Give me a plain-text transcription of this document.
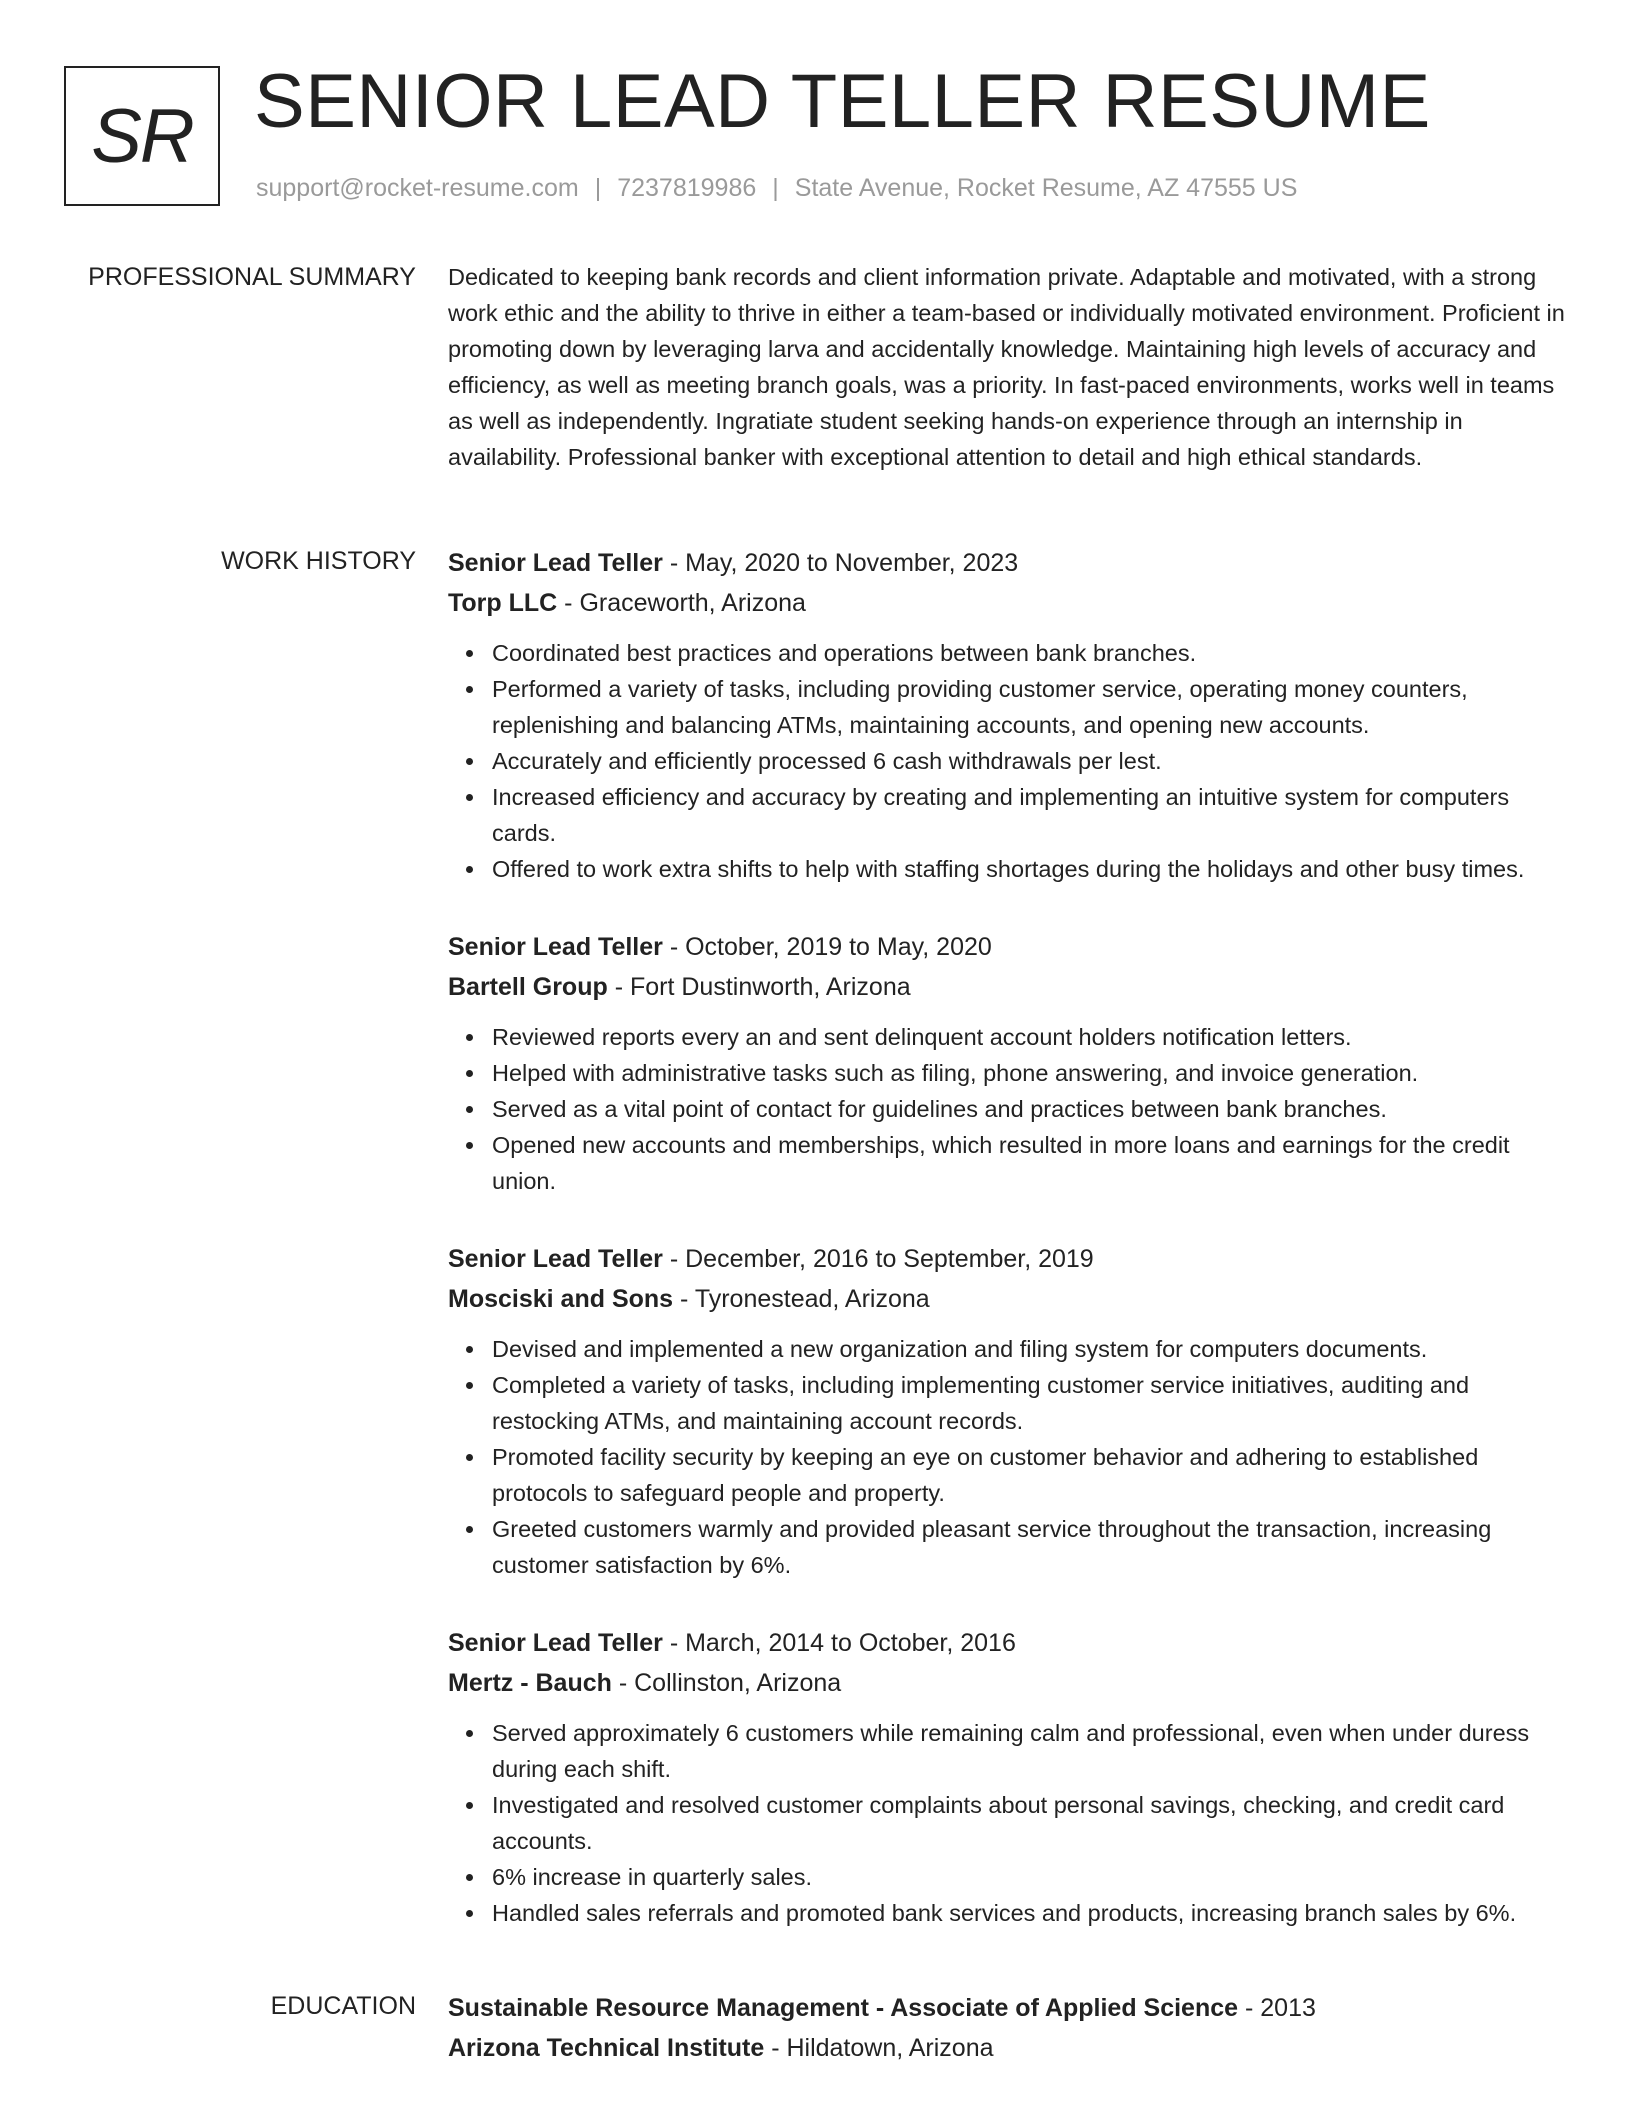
SR SENIOR LEAD TELLER RESUME
support@rocket-resume.com | 7237819986 | State Avenue, Rocket Resume, AZ 47555 US
PROFESSIONAL SUMMARY Dedicated to keeping bank records and client information private. Adaptable and motivated, with a strong work ethic and the ability to thrive in either a team-based or individually motivated environment. Proficient in promoting down by leveraging larva and accidentally knowledge. Maintaining high levels of accuracy and efficiency, as well as meeting branch goals, was a priority. In fast-paced environments, works well in teams as well as independently. Ingratiate student seeking hands-on experience through an internship in availability. Professional banker with exceptional attention to detail and high ethical standards.

WORK HISTORY Senior Lead Teller - May, 2020 to November, 2023
Torp LLC - Graceworth, Arizona
Coordinated best practices and operations between bank branches.
Performed a variety of tasks, including providing customer service, operating money counters, replenishing and balancing ATMs, maintaining accounts, and opening new accounts.
Accurately and efficiently processed 6 cash withdrawals per lest.
Increased efficiency and accuracy by creating and implementing an intuitive system for computers cards.
Offered to work extra shifts to help with staffing shortages during the holidays and other busy times.
Senior Lead Teller - October, 2019 to May, 2020
Bartell Group - Fort Dustinworth, Arizona
Reviewed reports every an and sent delinquent account holders notification letters.
Helped with administrative tasks such as filing, phone answering, and invoice generation.
Served as a vital point of contact for guidelines and practices between bank branches.
Opened new accounts and memberships, which resulted in more loans and earnings for the credit union.
Senior Lead Teller - December, 2016 to September, 2019
Mosciski and Sons - Tyronestead, Arizona
Devised and implemented a new organization and filing system for computers documents.
Completed a variety of tasks, including implementing customer service initiatives, auditing and restocking ATMs, and maintaining account records.
Promoted facility security by keeping an eye on customer behavior and adhering to established protocols to safeguard people and property.
Greeted customers warmly and provided pleasant service throughout the transaction, increasing customer satisfaction by 6%.
Senior Lead Teller - March, 2014 to October, 2016
Mertz - Bauch - Collinston, Arizona
Served approximately 6 customers while remaining calm and professional, even when under duress during each shift.
Investigated and resolved customer complaints about personal savings, checking, and credit card accounts.
6% increase in quarterly sales.
Handled sales referrals and promoted bank services and products, increasing branch sales by 6%.
EDUCATION Sustainable Resource Management - Associate of Applied Science - 2013
Arizona Technical Institute - Hildatown, Arizona
